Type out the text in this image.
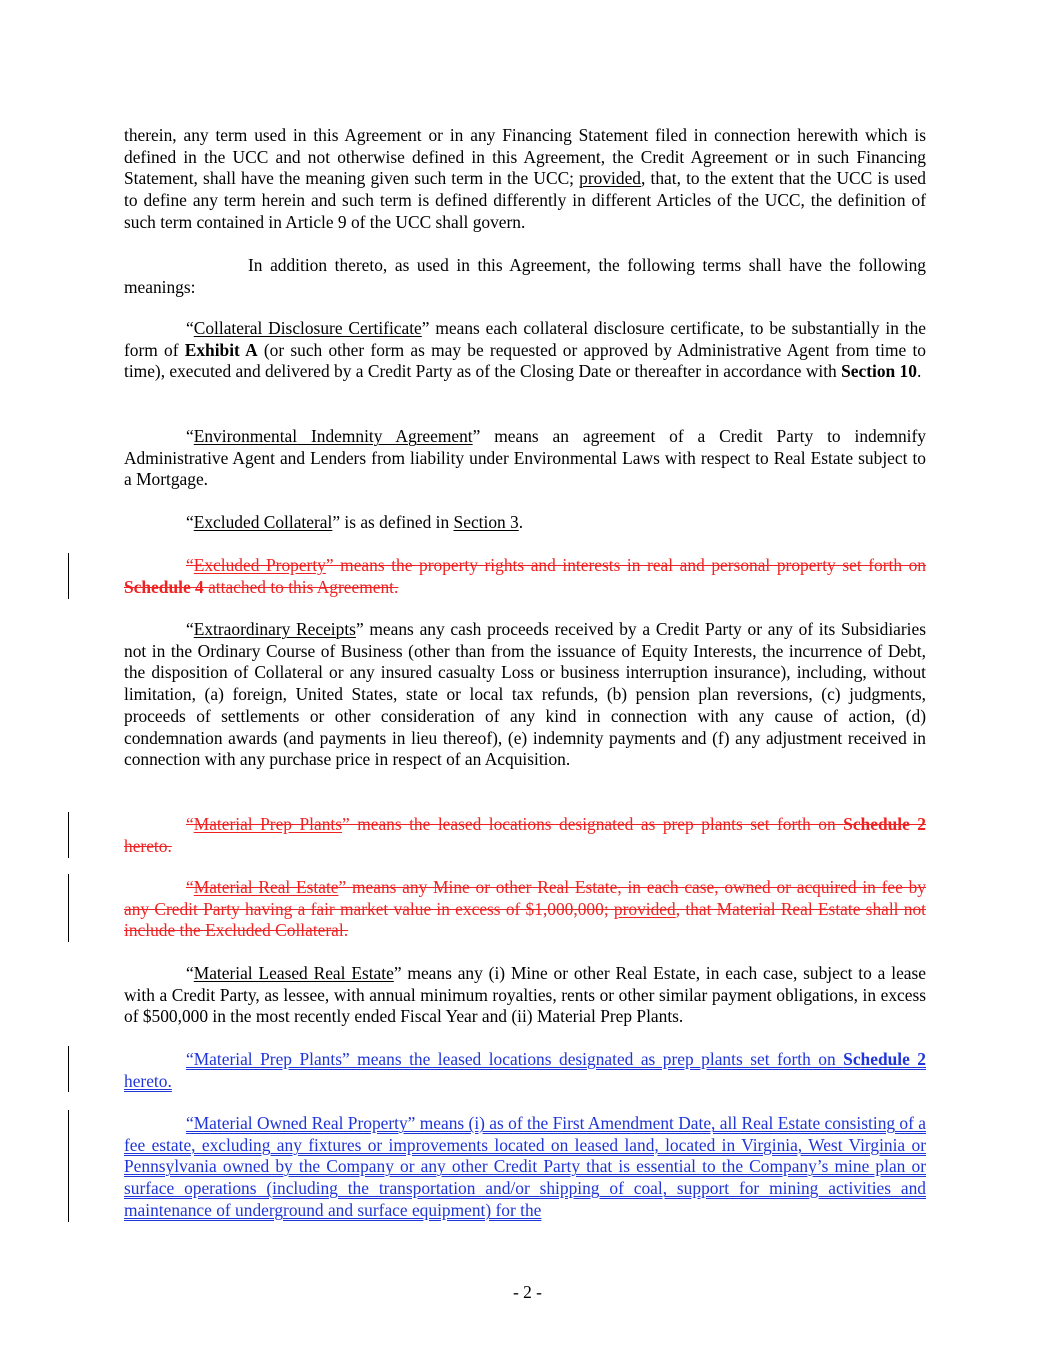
therein, any term used in this Agreement or in any Financing Statement filed in connection herewith which is defined in the UCC and not otherwise defined in this Agreement, the Credit Agreement or in such Financing Statement, shall have the meaning given such term in the UCC; provided, that, to the extent that the UCC is used to define any term herein and such term is defined differently in different Articles of the UCC, the definition of such term contained in Article 9 of the UCC shall govern.

In addition thereto, as used in this Agreement, the following terms shall have the following meanings:

“Collateral Disclosure Certificate” means each collateral disclosure certificate, to be substantially in the form of Exhibit A (or such other form as may be requested or approved by Administrative Agent from time to time), executed and delivered by a Credit Party as of the Closing Date or thereafter in accordance with Section 10.

“Environmental Indemnity Agreement” means an agreement of a Credit Party to indemnify Administrative Agent and Lenders from liability under Environmental Laws with respect to Real Estate subject to a Mortgage.

“Excluded Collateral” is as defined in Section 3.

“Excluded Property” means the property rights and interests in real and personal property set forth on Schedule 4 attached to this Agreement.

“Extraordinary Receipts” means any cash proceeds received by a Credit Party or any of its Subsidiaries not in the Ordinary Course of Business (other than from the issuance of Equity Interests, the incurrence of Debt, the disposition of Collateral or any insured casualty Loss or business interruption insurance), including, without limitation, (a) foreign, United States, state or local tax refunds, (b) pension plan reversions, (c) judgments, proceeds of settlements or other consideration of any kind in connection with any cause of action, (d) condemnation awards (and payments in lieu thereof), (e) indemnity payments and (f) any adjustment received in connection with any purchase price in respect of an Acquisition.

“Material Prep Plants” means the leased locations designated as prep plants set forth on Schedule 2 hereto.

“Material Real Estate” means any Mine or other Real Estate, in each case, owned or acquired in fee by any Credit Party having a fair market value in excess of $1,000,000; provided, that Material Real Estate shall not include the Excluded Collateral.

“Material Leased Real Estate” means any (i) Mine or other Real Estate, in each case, subject to a lease with a Credit Party, as lessee, with annual minimum royalties, rents or other similar payment obligations, in excess of $500,000 in the most recently ended Fiscal Year and (ii) Material Prep Plants.

“Material Prep Plants” means the leased locations designated as prep plants set forth on Schedule 2 hereto.

“Material Owned Real Property” means (i) as of the First Amendment Date, all Real Estate consisting of a fee estate, excluding any fixtures or improvements located on leased land, located in Virginia, West Virginia or Pennsylvania owned by the Company or any other Credit Party that is essential to the Company’s mine plan or surface operations (including the transportation and/or shipping of coal, support for mining activities and maintenance of underground and surface equipment) for the

- 2 -
